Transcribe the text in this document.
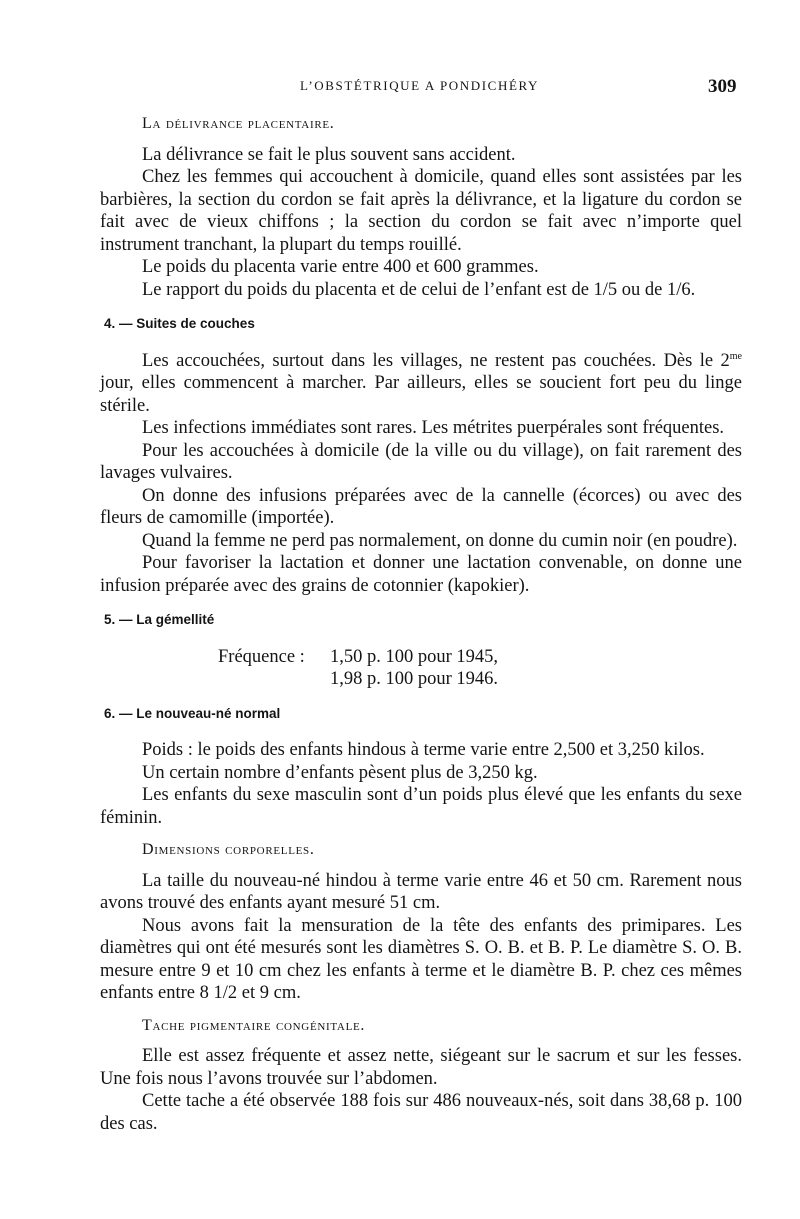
L’OBSTÉTRIQUE A PONDICHÉRY	309
La délivrance placentaire.

La délivrance se fait le plus souvent sans accident.

Chez les femmes qui accouchent à domicile, quand elles sont assistées par les barbières, la section du cordon se fait après la délivrance, et la ligature du cordon se fait avec de vieux chiffons ; la section du cordon se fait avec n’importe quel instrument tranchant, la plupart du temps rouillé.

Le poids du placenta varie entre 400 et 600 grammes.

Le rapport du poids du placenta et de celui de l’enfant est de 1/5 ou de 1/6.

4. — Suites de couches

Les accouchées, surtout dans les villages, ne restent pas couchées. Dès le $2^{me}$ jour, elles commencent à marcher. Par ailleurs, elles se soucient fort peu du linge stérile.

Les infections immédiates sont rares. Les métrites puerpérales sont fréquentes.

Pour les accouchées à domicile (de la ville ou du village), on fait rarement des lavages vulvaires.

On donne des infusions préparées avec de la cannelle (écorces) ou avec des fleurs de camomille (importée).

Quand la femme ne perd pas normalement, on donne du cumin noir (en poudre).

Pour favoriser la lactation et donner une lactation convenable, on donne une infusion préparée avec des grains de cotonnier (kapokier).

5. — La gémellité
Fréquence :	1,50 p. 100 pour 1945,
1,98 p. 100 pour 1946.
6. — Le nouveau-né normal

Poids : le poids des enfants hindous à terme varie entre 2,500 et 3,250 kilos.

Un certain nombre d’enfants pèsent plus de 3,250 kg.

Les enfants du sexe masculin sont d’un poids plus élevé que les enfants du sexe féminin.

Dimensions corporelles.

La taille du nouveau-né hindou à terme varie entre 46 et 50 cm. Rarement nous avons trouvé des enfants ayant mesuré 51 cm.

Nous avons fait la mensuration de la tête des enfants des primipares. Les diamètres qui ont été mesurés sont les diamètres S. O. B. et B. P. Le diamètre S. O. B. mesure entre 9 et 10 cm chez les enfants à terme et le diamètre B. P. chez ces mêmes enfants entre 8 1/2 et 9 cm.

Tache pigmentaire congénitale.

Elle est assez fréquente et assez nette, siégeant sur le sacrum et sur les fesses. Une fois nous l’avons trouvée sur l’abdomen.

Cette tache a été observée 188 fois sur 486 nouveaux-nés, soit dans 38,68 p. 100 des cas.
